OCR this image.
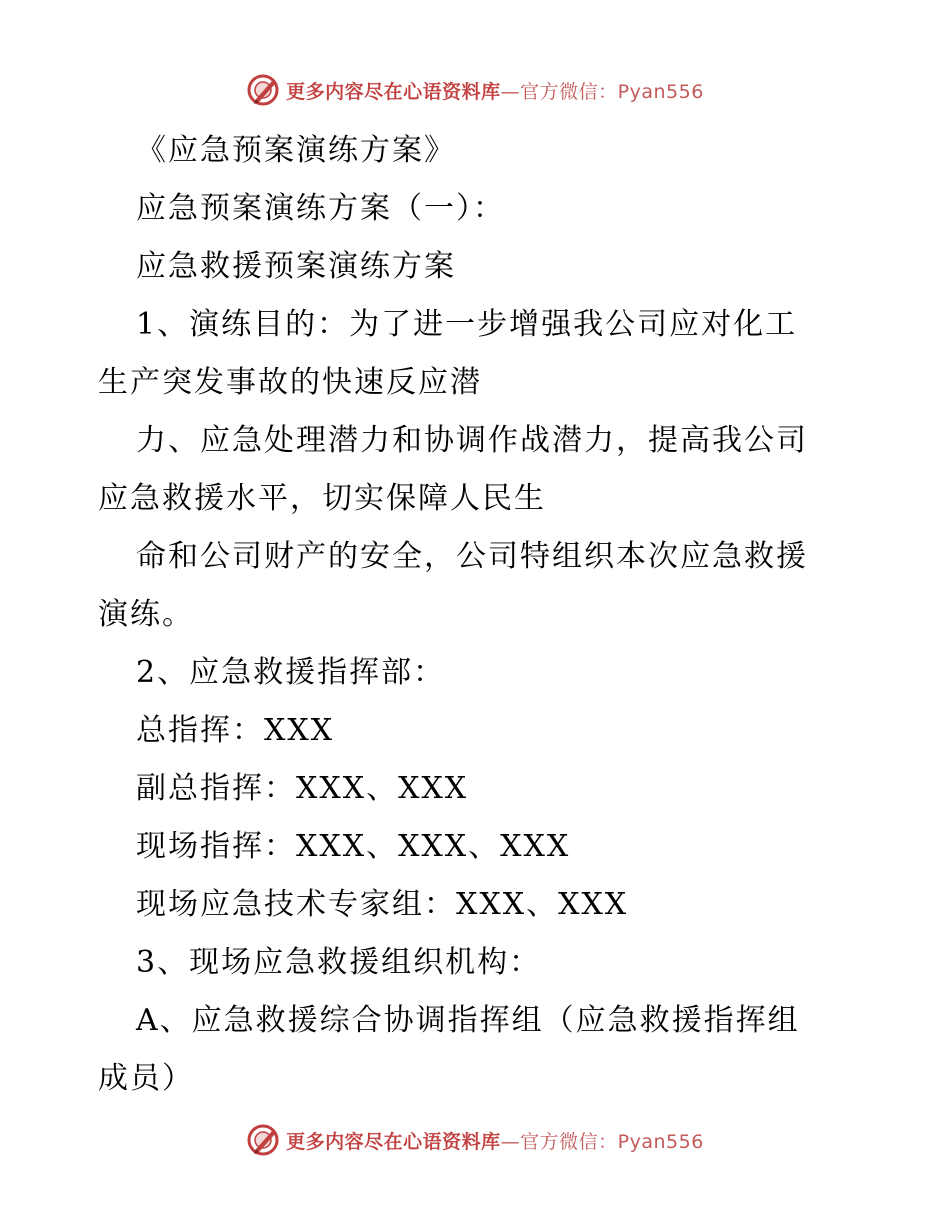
更多内容尽在心语资料库—官方微信：Pyan556

《应急预案演练方案》

应急预案演练方案（一）：

应急救援预案演练方案

1、演练目的：为了进一步增强我公司应对化工

生产突发事故的快速反应潜

力、应急处理潜力和协调作战潜力，提高我公司

应急救援水平，切实保障人民生

命和公司财产的安全，公司特组织本次应急救援

演练。

2、应急救援指挥部：

总指挥：XXX

副总指挥：XXX、XXX

现场指挥：XXX、XXX、XXX

现场应急技术专家组：XXX、XXX

3、现场应急救援组织机构：

A、应急救援综合协调指挥组（应急救援指挥组

成员）

更多内容尽在心语资料库—官方微信：Pyan556
